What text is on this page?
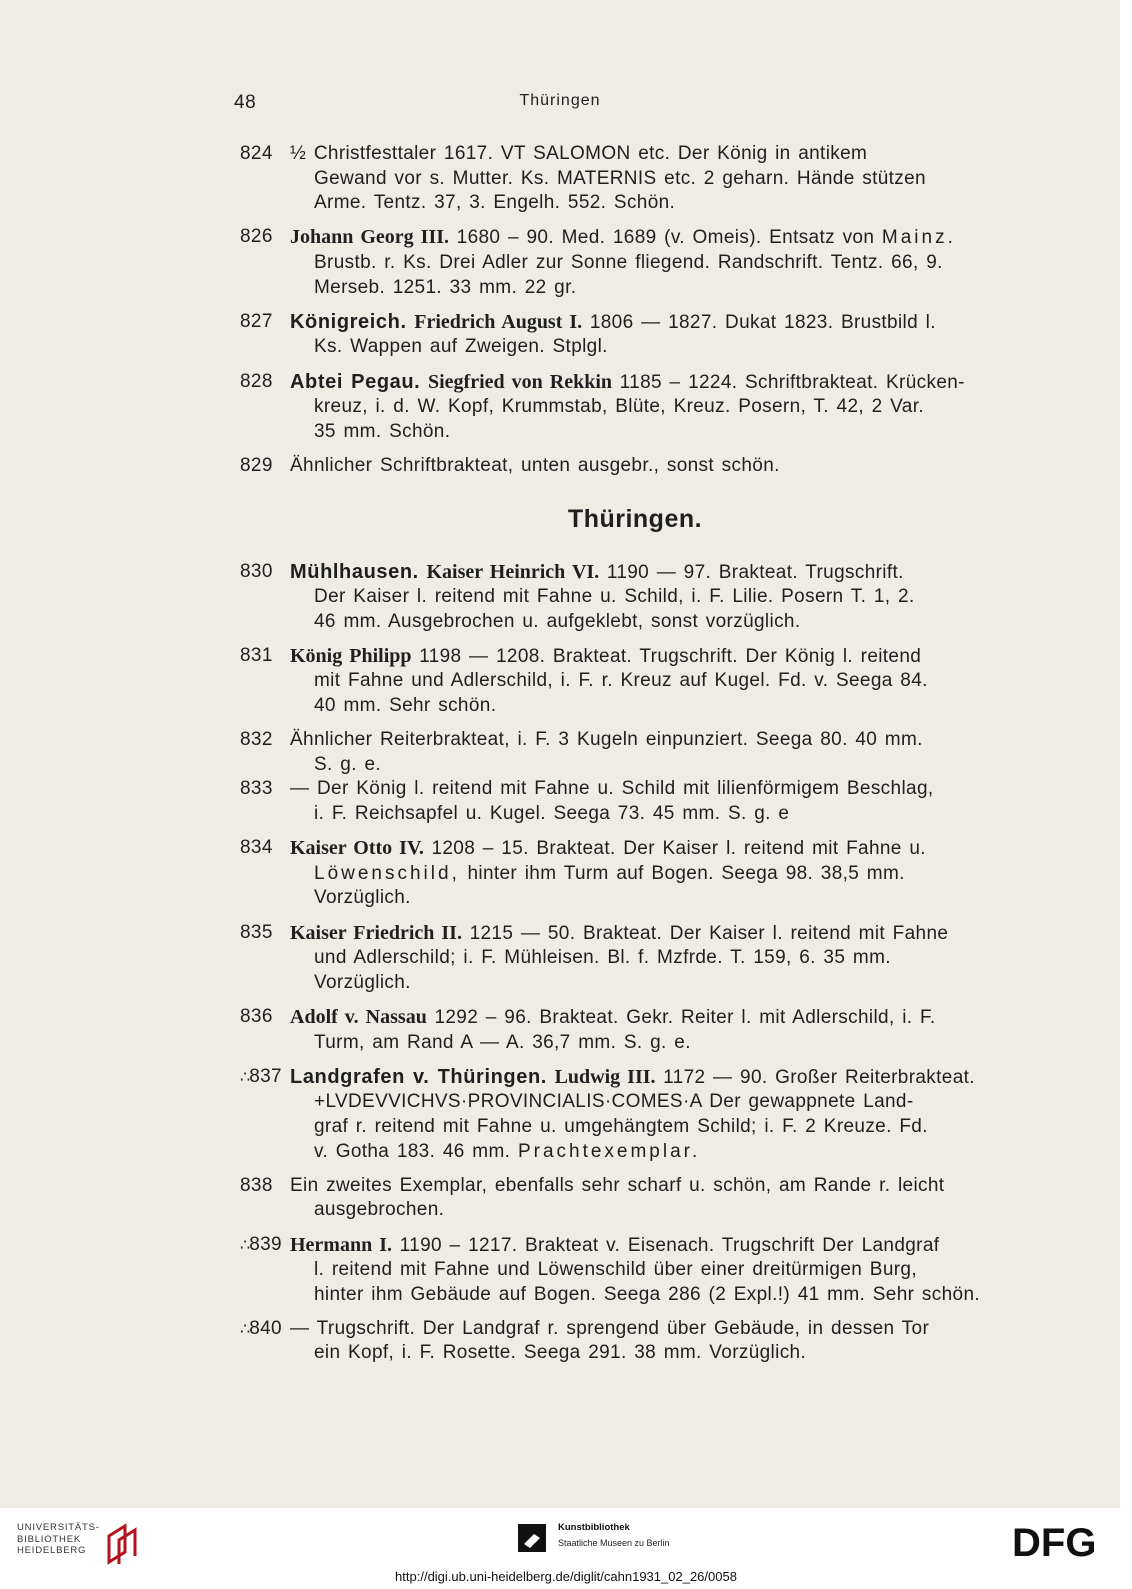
48	Thüringen
824 ½ Christfesttaler 1617. VT SALOMON etc. Der König in antikem
Gewand vor s. Mutter. Ks. MATERNIS etc. 2 geharn. Hände stützen
Arme. Tentz. 37, 3. Engelh. 552. Schön.
826 Johann Georg III. 1680 – 90. Med. 1689 (v. Omeis). Entsatz von Mainz.
Brustb. r. Ks. Drei Adler zur Sonne fliegend. Randschrift. Tentz. 66, 9.
Merseb. 1251. 33 mm. 22 gr.
827 Königreich. Friedrich August I. 1806 — 1827. Dukat 1823. Brustbild l.
Ks. Wappen auf Zweigen. Stplgl.
828 Abtei Pegau. Siegfried von Rekkin 1185 – 1224. Schriftbrakteat. Krücken-
kreuz, i. d. W. Kopf, Krummstab, Blüte, Kreuz. Posern, T. 42, 2 Var.
35 mm. Schön.
829 Ähnlicher Schriftbrakteat, unten ausgebr., sonst schön.
Thüringen.
830 Mühlhausen. Kaiser Heinrich VI. 1190 — 97. Brakteat. Trugschrift.
Der Kaiser l. reitend mit Fahne u. Schild, i. F. Lilie. Posern T. 1, 2.
46 mm. Ausgebrochen u. aufgeklebt, sonst vorzüglich.
831 König Philipp 1198 — 1208. Brakteat. Trugschrift. Der König l. reitend
mit Fahne und Adlerschild, i. F. r. Kreuz auf Kugel. Fd. v. Seega 84.
40 mm. Sehr schön.
832 Ähnlicher Reiterbrakteat, i. F. 3 Kugeln einpunziert. Seega 80. 40 mm.
S. g. e.
833 — Der König l. reitend mit Fahne u. Schild mit lilienförmigem Beschlag,
i. F. Reichsapfel u. Kugel. Seega 73. 45 mm. S. g. e
834 Kaiser Otto IV. 1208 – 15. Brakteat. Der Kaiser l. reitend mit Fahne u.
Löwenschild, hinter ihm Turm auf Bogen. Seega 98. 38,5 mm.
Vorzüglich.
835 Kaiser Friedrich II. 1215 — 50. Brakteat. Der Kaiser l. reitend mit Fahne
und Adlerschild; i. F. Mühleisen. Bl. f. Mzfrde. T. 159, 6. 35 mm.
Vorzüglich.
836 Adolf v. Nassau 1292 – 96. Brakteat. Gekr. Reiter l. mit Adlerschild, i. F.
Turm, am Rand A — A. 36,7 mm. S. g. e.
∴837 Landgrafen v. Thüringen. Ludwig III. 1172 — 90. Großer Reiterbrakteat.
+LVDEVVICHVS·PROVINCIALIS·COMES·A Der gewappnete Land-
graf r. reitend mit Fahne u. umgehängtem Schild; i. F. 2 Kreuze. Fd.
v. Gotha 183. 46 mm. Prachtexemplar.
838 Ein zweites Exemplar, ebenfalls sehr scharf u. schön, am Rande r. leicht
ausgebrochen.
∴839 Hermann I. 1190 – 1217. Brakteat v. Eisenach. Trugschrift Der Landgraf
l. reitend mit Fahne und Löwenschild über einer dreitürmigen Burg,
hinter ihm Gebäude auf Bogen. Seega 286 (2 Expl.!) 41 mm. Sehr schön.
∴840 — Trugschrift. Der Landgraf r. sprengend über Gebäude, in dessen Tor
ein Kopf, i. F. Rosette. Seega 291. 38 mm. Vorzüglich.
UNIVERSITÄTS-
BIBLIOTHEK
HEIDELBERG
Kunstbibliothek
Staatliche Museen zu Berlin	DFG
http://digi.ub.uni-heidelberg.de/diglit/cahn1931_02_26/0058
